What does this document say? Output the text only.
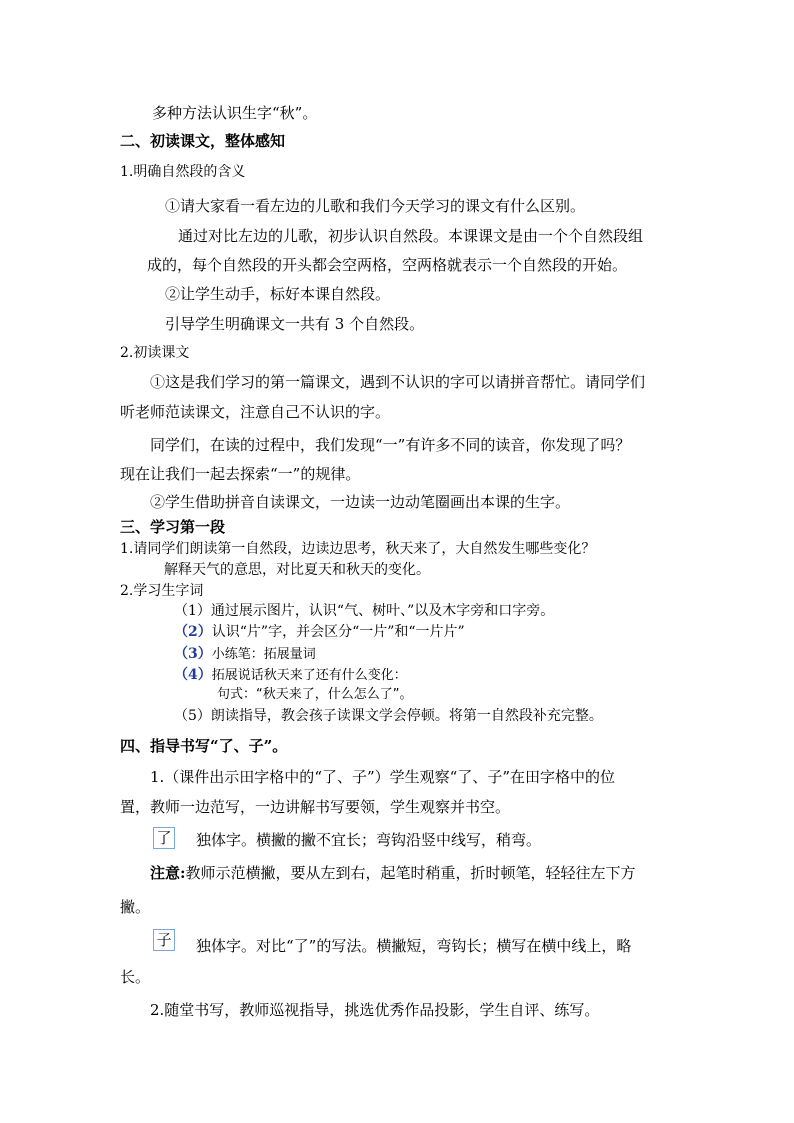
多种方法认识生字“秋”。
二、初读课文，整体感知
1.明确自然段的含义
①请大家看一看左边的儿歌和我们今天学习的课文有什么区别。
通过对比左边的儿歌，初步认识自然段。本课课文是由一个个自然段组
成的，每个自然段的开头都会空两格，空两格就表示一个自然段的开始。
②让学生动手，标好本课自然段。
引导学生明确课文一共有 3 个自然段。
2.初读课文
①这是我们学习的第一篇课文，遇到不认识的字可以请拼音帮忙。请同学们
听老师范读课文，注意自己不认识的字。
同学们，在读的过程中，我们发现“一”有许多不同的读音，你发现了吗？
现在让我们一起去探索“一”的规律。
②学生借助拼音自读课文，一边读一边动笔圈画出本课的生字。
三、学习第一段
1.请同学们朗读第一自然段，边读边思考，秋天来了，大自然发生哪些变化？
解释天气的意思，对比夏天和秋天的变化。
2.学习生字词
（1）通过展示图片，认识“气、树叶、”以及木字旁和口字旁。
（2）认识“片”字，并会区分“一片”和“一片片”
（3）小练笔：拓展量词
（4）拓展说话秋天来了还有什么变化：
句式：“秋天来了，什么怎么了”。
（5）朗读指导，教会孩子读课文学会停顿。将第一自然段补充完整。
四、指导书写“了、子”。
1.（课件出示田字格中的“了、子”）学生观察“了、子”在田字格中的位
置，教师一边范写，一边讲解书写要领，学生观察并书空。
了 独体字。横撇的撇不宜长；弯钩沿竖中线写，稍弯。
注意:教师示范横撇，要从左到右，起笔时稍重，折时顿笔，轻轻往左下方
撇。
子 独体字。对比“了”的写法。横撇短，弯钩长；横写在横中线上，略
长。
2.随堂书写，教师巡视指导，挑选优秀作品投影，学生自评、练写。
